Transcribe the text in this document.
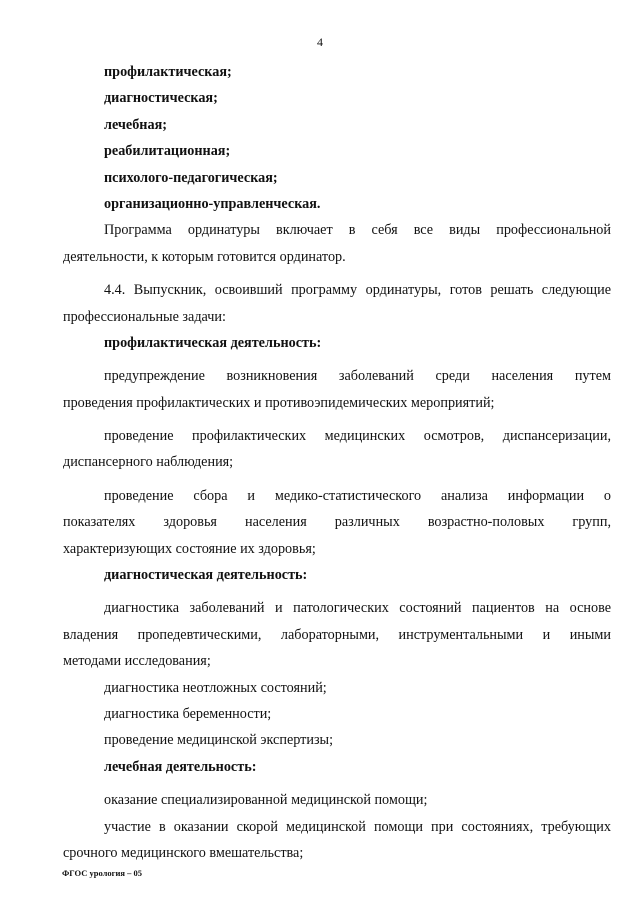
4
профилактическая;
диагностическая;
лечебная;
реабилитационная;
психолого-педагогическая;
организационно-управленческая.
Программа ординатуры включает в себя все виды профессиональной
деятельности, к которым готовится ординатор.
4.4. Выпускник, освоивший программу ординатуры, готов решать следующие
профессиональные задачи:
профилактическая деятельность:
предупреждение возникновения заболеваний среди населения путем
проведения профилактических и противоэпидемических мероприятий;
проведение профилактических медицинских осмотров, диспансеризации,
диспансерного наблюдения;
проведение сбора и медико-статистического анализа информации о
показателях здоровья населения различных возрастно-половых групп,
характеризующих состояние их здоровья;
диагностическая деятельность:
диагностика заболеваний и патологических состояний пациентов на основе
владения пропедевтическими, лабораторными, инструментальными и иными
методами исследования;
диагностика неотложных состояний;
диагностика беременности;
проведение медицинской экспертизы;
лечебная деятельность:
оказание специализированной медицинской помощи;
участие в оказании скорой медицинской помощи при состояниях, требующих
срочного медицинского вмешательства;
ФГОС урология – 05
